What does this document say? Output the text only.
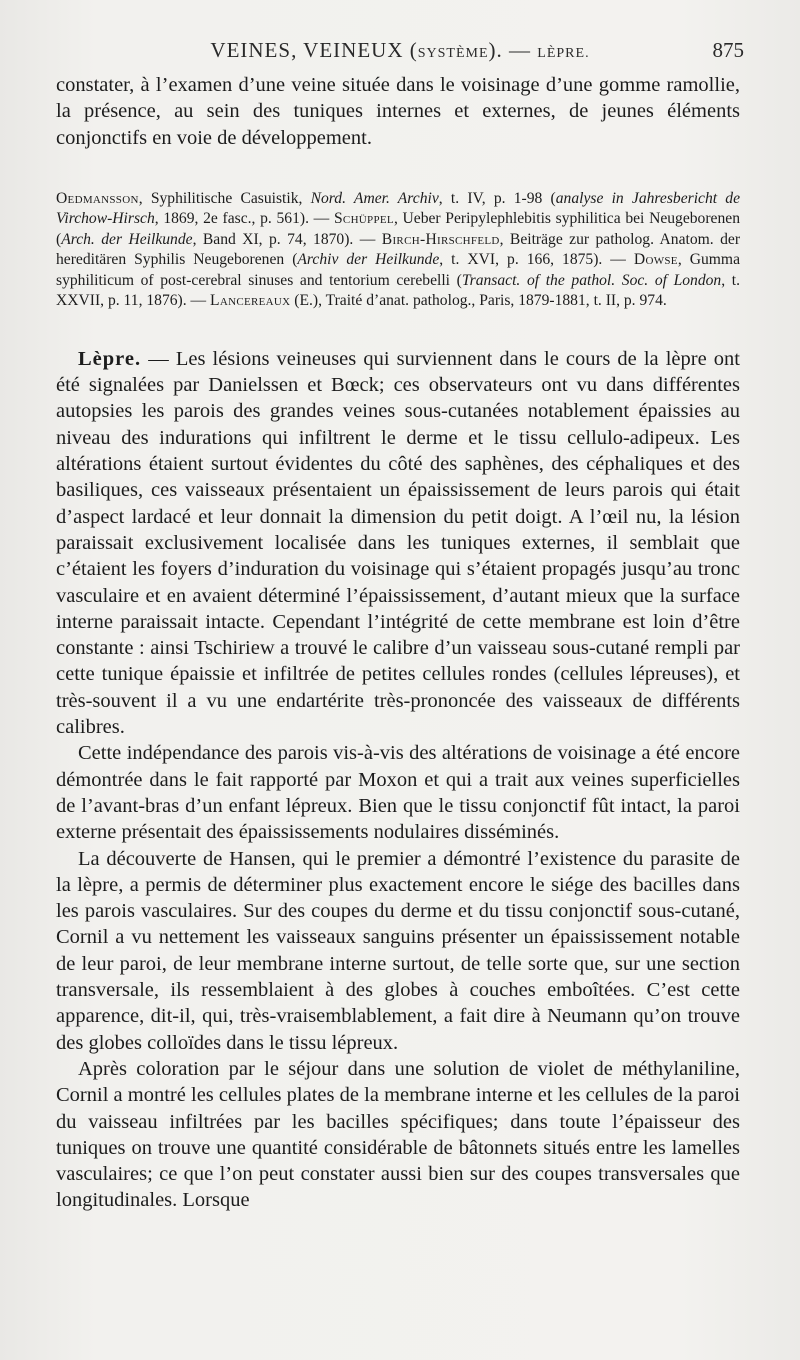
VEINES, VEINEUX (SYSTÈME). — LÈPRE.	875

constater, à l’examen d’une veine située dans le voisinage d’une gomme ramollie, la présence, au sein des tuniques internes et externes, de jeunes éléments conjonctifs en voie de développement.

Oedmansson, Syphilitische Casuistik, Nord. Amer. Archiv, t. IV, p. 1-98 (analyse in Jahresbericht de Virchow-Hirsch, 1869, 2e fasc., p. 561). — Schüppel, Ueber Peripylephlebitis syphilitica bei Neugeborenen (Arch. der Heilkunde, Band XI, p. 74, 1870). — Birch-Hirschfeld, Beiträge zur patholog. Anatom. der hereditären Syphilis Neugeborenen (Archiv der Heilkunde, t. XVI, p. 166, 1875). — Dowse, Gumma syphiliticum of post-cerebral sinuses and tentorium cerebelli (Transact. of the pathol. Soc. of London, t. XXVII, p. 11, 1876). — Lancereaux (E.), Traité d’anat. patholog., Paris, 1879-1881, t. II, p. 974.

Lèpre. — Les lésions veineuses qui surviennent dans le cours de la lèpre ont été signalées par Danielssen et Bœck; ces observateurs ont vu dans différentes autopsies les parois des grandes veines sous-cutanées notablement épaissies au niveau des indurations qui infiltrent le derme et le tissu cellulo-adipeux. Les altérations étaient surtout évidentes du côté des saphènes, des céphaliques et des basiliques, ces vaisseaux présentaient un épaississement de leurs parois qui était d’aspect lardacé et leur donnait la dimension du petit doigt. A l’œil nu, la lésion paraissait exclusivement localisée dans les tuniques externes, il semblait que c’étaient les foyers d’induration du voisinage qui s’étaient propagés jusqu’au tronc vasculaire et en avaient déterminé l’épaississement, d’autant mieux que la surface interne paraissait intacte. Cependant l’intégrité de cette membrane est loin d’être constante : ainsi Tschiriew a trouvé le calibre d’un vaisseau sous-cutané rempli par cette tunique épaissie et infiltrée de petites cellules rondes (cellules lépreuses), et très-souvent il a vu une endartérite très-prononcée des vaisseaux de différents calibres.

Cette indépendance des parois vis-à-vis des altérations de voisinage a été encore démontrée dans le fait rapporté par Moxon et qui a trait aux veines superficielles de l’avant-bras d’un enfant lépreux. Bien que le tissu conjonctif fût intact, la paroi externe présentait des épaississements nodulaires disséminés.

La découverte de Hansen, qui le premier a démontré l’existence du parasite de la lèpre, a permis de déterminer plus exactement encore le siége des bacilles dans les parois vasculaires. Sur des coupes du derme et du tissu conjonctif sous-cutané, Cornil a vu nettement les vaisseaux sanguins présenter un épaississement notable de leur paroi, de leur membrane interne surtout, de telle sorte que, sur une section transversale, ils ressemblaient à des globes à couches emboîtées. C’est cette apparence, dit-il, qui, très-vraisemblablement, a fait dire à Neumann qu’on trouve des globes colloïdes dans le tissu lépreux.

Après coloration par le séjour dans une solution de violet de méthylaniline, Cornil a montré les cellules plates de la membrane interne et les cellules de la paroi du vaisseau infiltrées par les bacilles spécifiques; dans toute l’épaisseur des tuniques on trouve une quantité considérable de bâtonnets situés entre les lamelles vasculaires; ce que l’on peut constater aussi bien sur des coupes transversales que longitudinales. Lorsque
